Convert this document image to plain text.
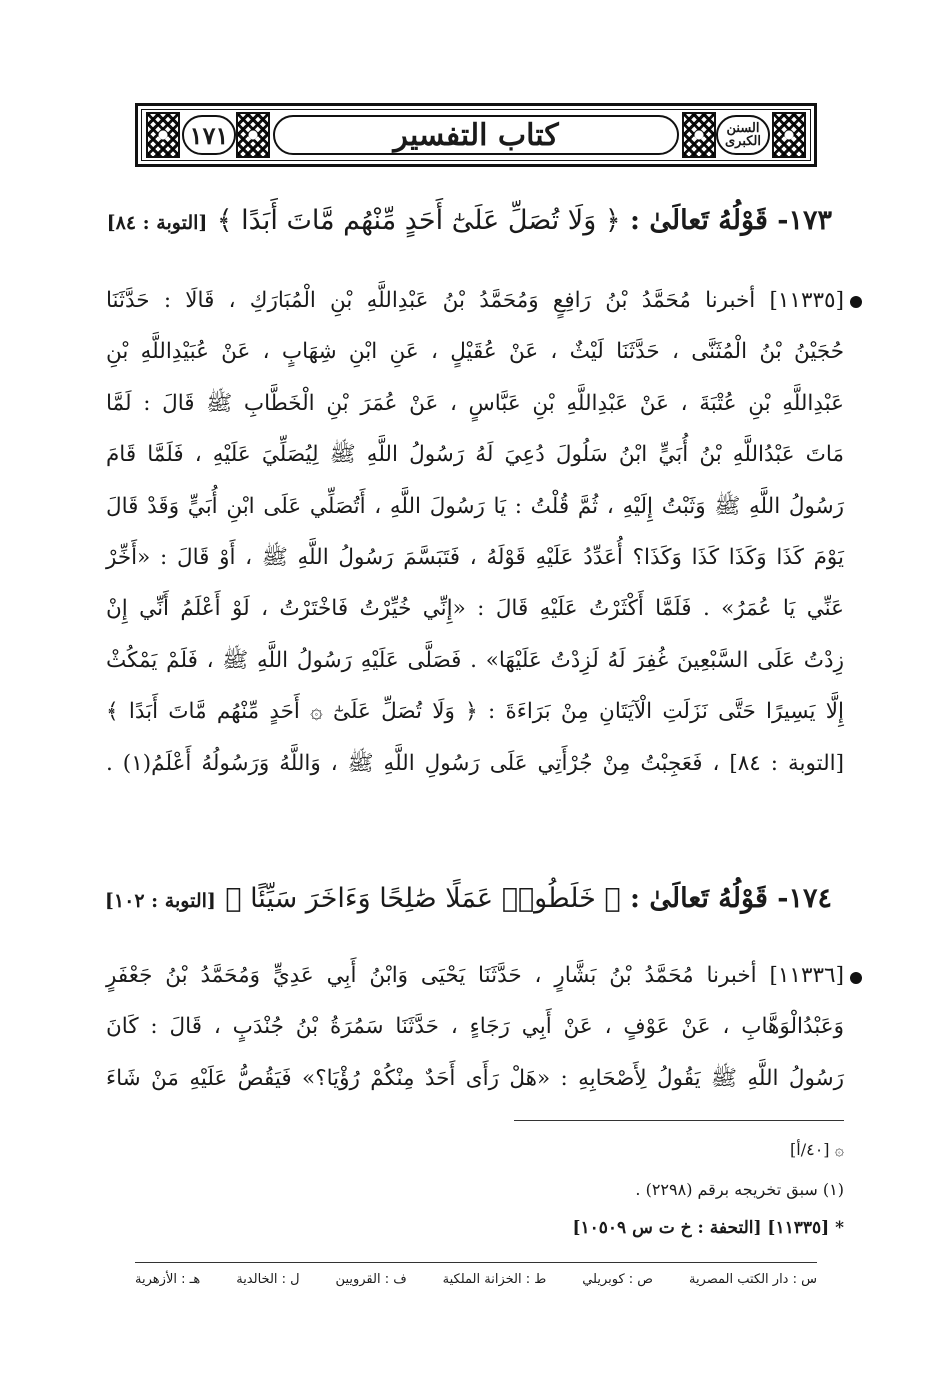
١٧١	كتاب التفسير	السنن الكبرى
١٧٣- قَوْلُهُ تَعالَىٰ : ﴿ وَلَا تُصَلِّ عَلَىٰٓ أَحَدٍ مِّنْهُم مَّاتَ أَبَدًا ﴾ [التوبة : ٨٤]
[١١٣٣٥] أخبرنا مُحَمَّدُ بْنُ رَافِعٍ وَمُحَمَّدُ بْنُ عَبْدِاللَّهِ بْنِ الْمُبَارَكِ ، قَالَا : حَدَّثَنَا
حُجَيْنُ بْنُ الْمُثَنَّى ، حَدَّثَنَا لَيْثٌ ، عَنْ عُقَيْلٍ ، عَنِ ابْنِ شِهَابٍ ، عَنْ عُبَيْدِاللَّهِ بْنِ
عَبْدِاللَّهِ بْنِ عُتْبَةَ ، عَنْ عَبْدِاللَّهِ بْنِ عَبَّاسٍ ، عَنْ عُمَرَ بْنِ الْخَطَّابِ ﷺ قَالَ : لَمَّا
مَاتَ عَبْدُاللَّهِ بْنُ أُبَيٍّ ابْنُ سَلُولَ دُعِيَ لَهُ رَسُولُ اللَّهِ ﷺ لِيُصَلِّيَ عَلَيْهِ ، فَلَمَّا قَامَ
رَسُولُ اللَّهِ ﷺ وَثَبْتُ إِلَيْهِ ، ثُمَّ قُلْتُ : يَا رَسُولَ اللَّهِ ، أَتُصَلِّي عَلَى ابْنِ أُبَيٍّ وَقَدْ قَالَ
يَوْمَ كَذَا وَكَذَا كَذَا وَكَذَا؟ أُعَدِّدُ عَلَيْهِ قَوْلَهُ ، فَتَبَسَّمَ رَسُولُ اللَّهِ ﷺ ، أَوْ قَالَ : «أَخِّرْ
عَنِّي يَا عُمَرُ» . فَلَمَّا أَكْثَرْتُ عَلَيْهِ قَالَ : «إِنِّي خُيِّرْتُ فَاخْتَرْتُ ، لَوْ أَعْلَمُ أَنِّي إِنْ
زِدْتُ عَلَى السَّبْعِينَ غُفِرَ لَهُ لَزِدْتُ عَلَيْهَا» . فَصَلَّى عَلَيْهِ رَسُولُ اللَّهِ ﷺ ، فَلَمْ يَمْكُثْ
إِلَّا يَسِيرًا حَتَّى نَزَلَتِ الْآيَتَانِ مِنْ بَرَاءَةَ : ﴿ وَلَا تُصَلِّ عَلَىٰٓ ۞ أَحَدٍ مِّنْهُم مَّاتَ أَبَدًا ﴾
[التوبة : ٨٤] ، فَعَجِبْتُ مِنْ جُرْأَتِي عَلَى رَسُولِ اللَّهِ ﷺ ، وَاللَّهُ وَرَسُولُهُ أَعْلَمُ(١) .
١٧٤- قَوْلُهُ تَعالَىٰ : ﴿ خَلَطُوا۟ عَمَلًا صَٰلِحًا وَءَاخَرَ سَيِّئًا ﴾ [التوبة : ١٠٢]
[١١٣٣٦] أخبرنا مُحَمَّدُ بْنُ بَشَّارٍ ، حَدَّثَنَا يَحْيَى وَابْنُ أَبِي عَدِيٍّ وَمُحَمَّدُ بْنُ جَعْفَرٍ
وَعَبْدُالْوَهَّابِ ، عَنْ عَوْفٍ ، عَنْ أَبِي رَجَاءٍ ، حَدَّثَنَا سَمُرَةُ بْنُ جُنْدَبٍ ، قَالَ : كَانَ
رَسُولُ اللَّهِ ﷺ يَقُولُ لِأَصْحَابِهِ : «هَلْ رَأَى أَحَدٌ مِنْكُمْ رُؤْيَا؟» فَيَقُصُّ عَلَيْهِ مَنْ شَاءَ
۞ [٤٠/أ]
(١) سبق تخريجه برقم (٢٢٩٨) .
* [١١٣٣٥] [التحفة : خ ت س ١٠٥٠٩]
س : دار الكتب المصرية
ص : كوبريلي
ط : الخزانة الملكية
ف : القرويين
ل : الخالدية
هـ : الأزهرية
